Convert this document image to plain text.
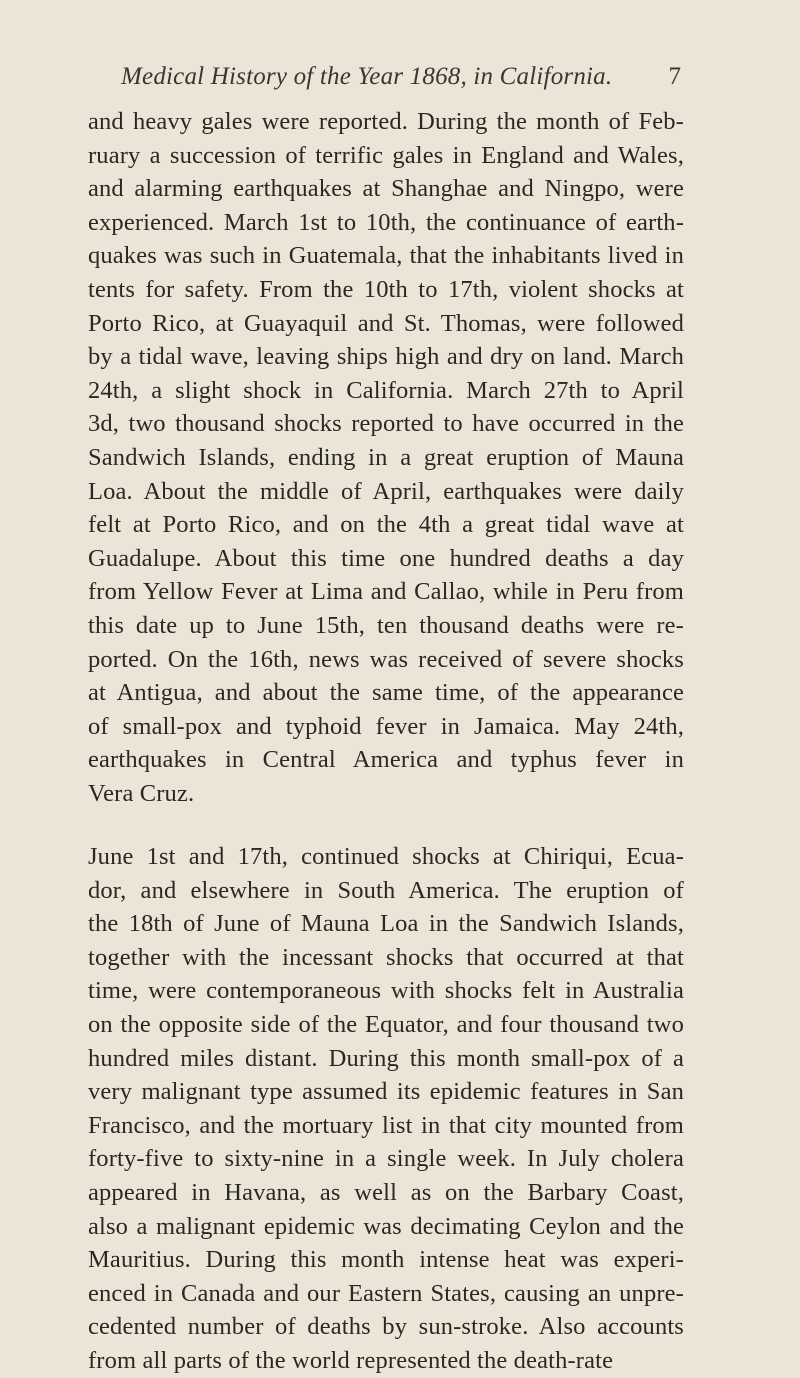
Medical History of the Year 1868, in California. 7
and heavy gales were reported. During the month of Feb-
ruary a succession of terrific gales in England and Wales,
and alarming earthquakes at Shanghae and Ningpo, were
experienced. March 1st to 10th, the continuance of earth-
quakes was such in Guatemala, that the inhabitants lived in
tents for safety. From the 10th to 17th, violent shocks at
Porto Rico, at Guayaquil and St. Thomas, were followed
by a tidal wave, leaving ships high and dry on land. March
24th, a slight shock in California. March 27th to April
3d, two thousand shocks reported to have occurred in the
Sandwich Islands, ending in a great eruption of Mauna
Loa. About the middle of April, earthquakes were daily
felt at Porto Rico, and on the 4th a great tidal wave at
Guadalupe. About this time one hundred deaths a day
from Yellow Fever at Lima and Callao, while in Peru from
this date up to June 15th, ten thousand deaths were re-
ported. On the 16th, news was received of severe shocks
at Antigua, and about the same time, of the appearance
of small-pox and typhoid fever in Jamaica. May 24th,
earthquakes in Central America and typhus fever in
Vera Cruz.
June 1st and 17th, continued shocks at Chiriqui, Ecua-
dor, and elsewhere in South America. The eruption of
the 18th of June of Mauna Loa in the Sandwich Islands,
together with the incessant shocks that occurred at that
time, were contemporaneous with shocks felt in Australia
on the opposite side of the Equator, and four thousand two
hundred miles distant. During this month small-pox of a
very malignant type assumed its epidemic features in San
Francisco, and the mortuary list in that city mounted from
forty-five to sixty-nine in a single week. In July cholera
appeared in Havana, as well as on the Barbary Coast,
also a malignant epidemic was decimating Ceylon and the
Mauritius. During this month intense heat was experi-
enced in Canada and our Eastern States, causing an unpre-
cedented number of deaths by sun-stroke. Also accounts
from all parts of the world represented the death-rate
